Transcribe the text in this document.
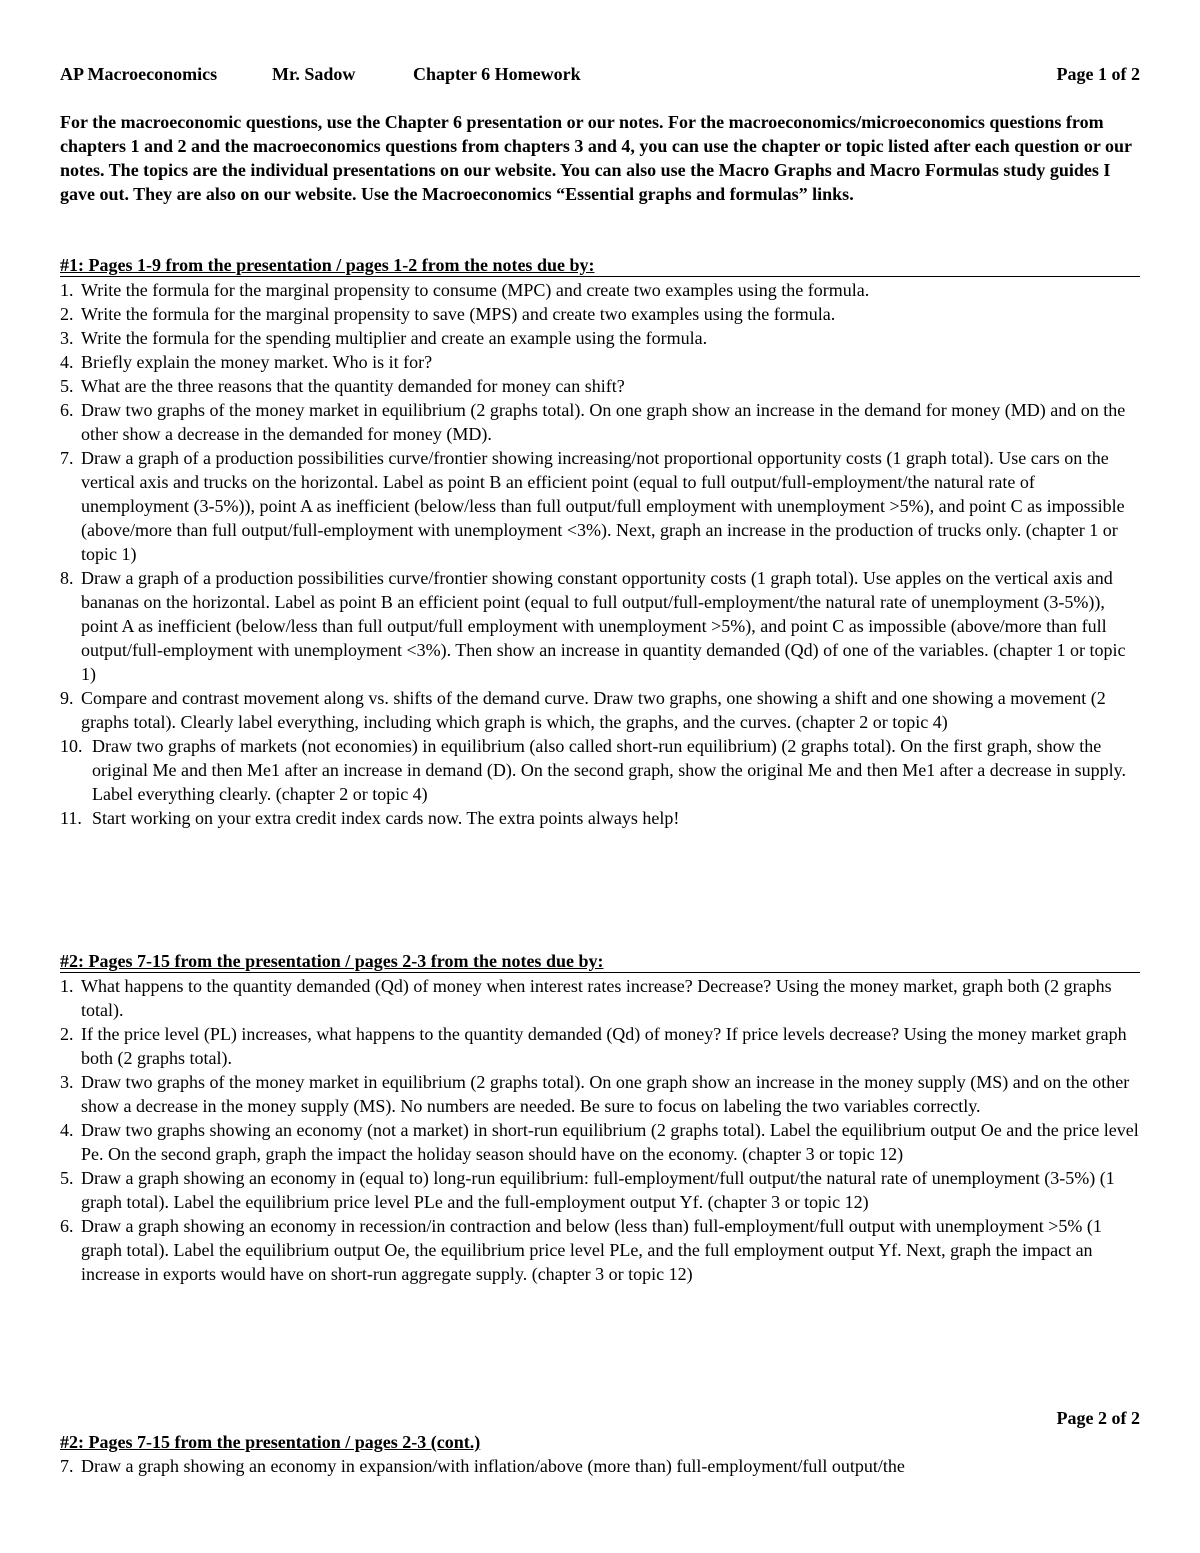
AP Macroeconomics	Mr. Sadow	Chapter 6 Homework	Page 1 of 2
For the macroeconomic questions, use the Chapter 6 presentation or our notes. For the macroeconomics/microeconomics questions from chapters 1 and 2 and the macroeconomics questions from chapters 3 and 4, you can use the chapter or topic listed after each question or our notes. The topics are the individual presentations on our website. You can also use the Macro Graphs and Macro Formulas study guides I gave out. They are also on our website. Use the Macroeconomics “Essential graphs and formulas” links.
#1: Pages 1-9 from the presentation / pages 1-2 from the notes due by:
1. Write the formula for the marginal propensity to consume (MPC) and create two examples using the formula.
2. Write the formula for the marginal propensity to save (MPS) and create two examples using the formula.
3. Write the formula for the spending multiplier and create an example using the formula.
4. Briefly explain the money market. Who is it for?
5. What are the three reasons that the quantity demanded for money can shift?
6. Draw two graphs of the money market in equilibrium (2 graphs total). On one graph show an increase in the demand for money (MD) and on the other show a decrease in the demanded for money (MD).
7. Draw a graph of a production possibilities curve/frontier showing increasing/not proportional opportunity costs (1 graph total). Use cars on the vertical axis and trucks on the horizontal. Label as point B an efficient point (equal to full output/full-employment/the natural rate of unemployment (3-5%)), point A as inefficient (below/less than full output/full employment with unemployment >5%), and point C as impossible (above/more than full output/full-employment with unemployment <3%). Next, graph an increase in the production of trucks only. (chapter 1 or topic 1)
8. Draw a graph of a production possibilities curve/frontier showing constant opportunity costs (1 graph total). Use apples on the vertical axis and bananas on the horizontal. Label as point B an efficient point (equal to full output/full-employment/the natural rate of unemployment (3-5%)), point A as inefficient (below/less than full output/full employment with unemployment >5%), and point C as impossible (above/more than full output/full-employment with unemployment <3%). Then show an increase in quantity demanded (Qd) of one of the variables. (chapter 1 or topic 1)
9. Compare and contrast movement along vs. shifts of the demand curve. Draw two graphs, one showing a shift and one showing a movement (2 graphs total). Clearly label everything, including which graph is which, the graphs, and the curves. (chapter 2 or topic 4)
10. Draw two graphs of markets (not economies) in equilibrium (also called short-run equilibrium) (2 graphs total). On the first graph, show the original Me and then Me1 after an increase in demand (D). On the second graph, show the original Me and then Me1 after a decrease in supply. Label everything clearly. (chapter 2 or topic 4)
11. Start working on your extra credit index cards now. The extra points always help!
#2: Pages 7-15 from the presentation / pages 2-3 from the notes due by:
1. What happens to the quantity demanded (Qd) of money when interest rates increase? Decrease? Using the money market, graph both (2 graphs total).
2. If the price level (PL) increases, what happens to the quantity demanded (Qd) of money? If price levels decrease? Using the money market graph both (2 graphs total).
3. Draw two graphs of the money market in equilibrium (2 graphs total). On one graph show an increase in the money supply (MS) and on the other show a decrease in the money supply (MS). No numbers are needed. Be sure to focus on labeling the two variables correctly.
4. Draw two graphs showing an economy (not a market) in short-run equilibrium (2 graphs total). Label the equilibrium output Oe and the price level Pe. On the second graph, graph the impact the holiday season should have on the economy. (chapter 3 or topic 12)
5. Draw a graph showing an economy in (equal to) long-run equilibrium: full-employment/full output/the natural rate of unemployment (3-5%) (1 graph total). Label the equilibrium price level PLe and the full-employment output Yf. (chapter 3 or topic 12)
6. Draw a graph showing an economy in recession/in contraction and below (less than) full-employment/full output with unemployment >5% (1 graph total). Label the equilibrium output Oe, the equilibrium price level PLe, and the full employment output Yf. Next, graph the impact an increase in exports would have on short-run aggregate supply. (chapter 3 or topic 12)
Page 2 of 2
#2: Pages 7-15 from the presentation / pages 2-3 (cont.)
7. Draw a graph showing an economy in expansion/with inflation/above (more than) full-employment/full output/the
